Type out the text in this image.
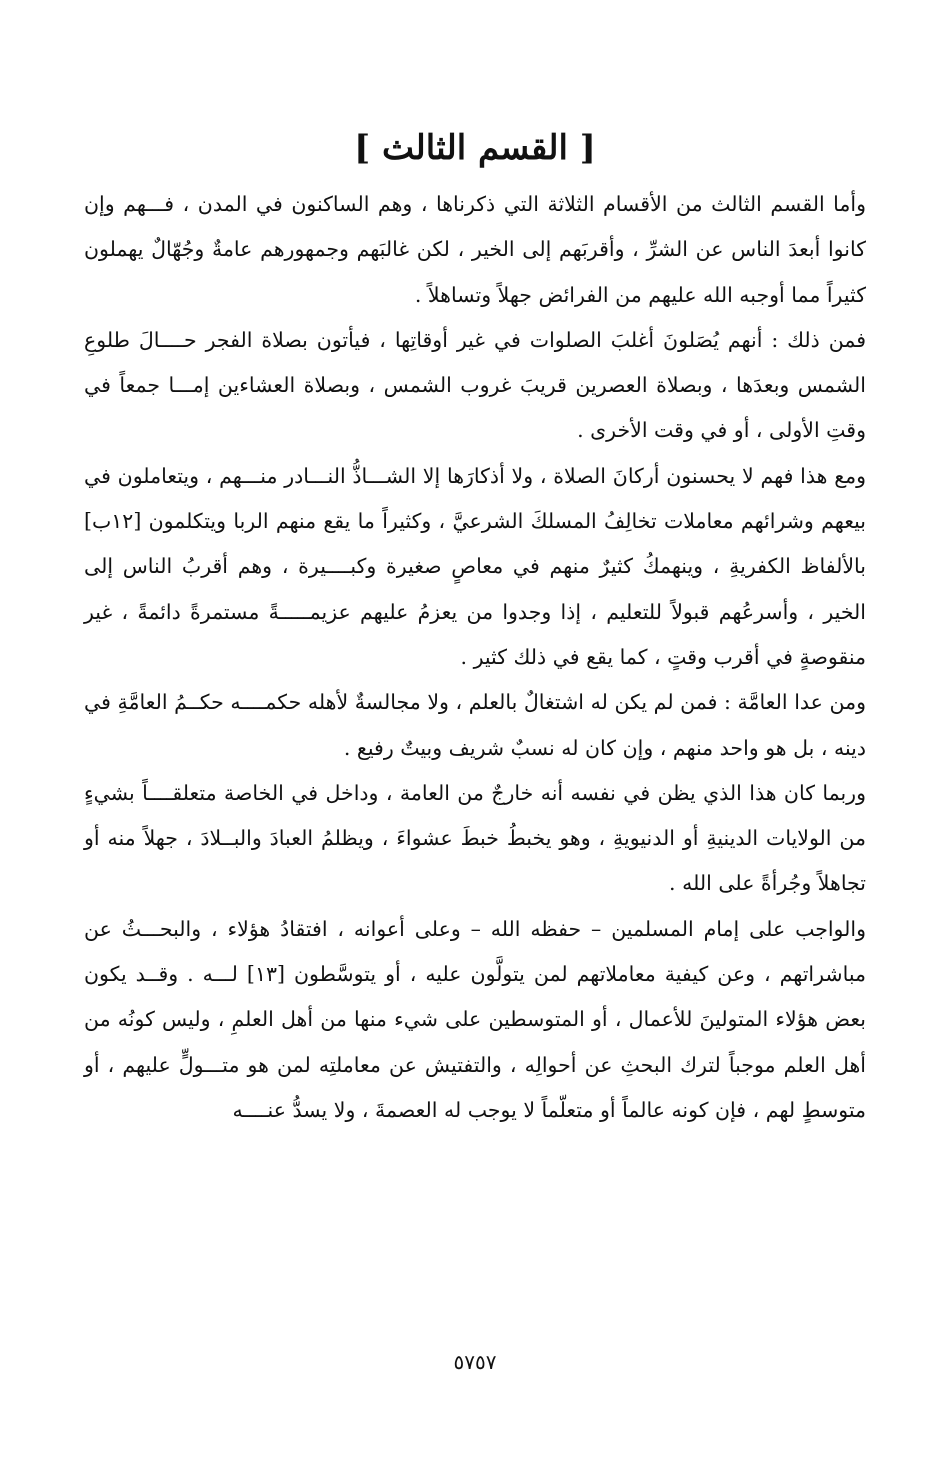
[ القسم الثالث ]

وأما القسم الثالث من الأقسام الثلاثة التي ذكرناها ، وهم الساكنون في المدن ، فـــهم وإن كانوا أبعدَ الناس عن الشرِّ ، وأقربَهم إلى الخير ، لكن غالبَهم وجمهورهم عامةٌ وجُهّالٌ يهملون كثيراً مما أوجبه الله عليهم من الفرائض جهلاً وتساهلاً .

فمن ذلك : أنهم يُصَلونَ أغلبَ الصلوات في غير أوقاتِها ، فيأتون بصلاة الفجر حــــالَ طلوعِ الشمس وبعدَها ، وبصلاة العصرين قريبَ غروب الشمس ، وبصلاة العشاءين إمـــا جمعاً في وقتِ الأولى ، أو في وقت الأخرى .

ومع هذا فهم لا يحسنون أركانَ الصلاة ، ولا أذكارَها إلا الشـــاذُّ النـــادر منـــهم ، ويتعاملون في بيعهم وشرائهم معاملات تخالِفُ المسلكَ الشرعيَّ ، وكثيراً ما يقع منهم الربا ويتكلمون [١٢ب] بالألفاظ الكفريةِ ، وينهمكُ كثيرٌ منهم في معاصٍ صغيرة وكبــــيرة ، وهم أقربُ الناس إلى الخير ، وأسرعُهم قبولاً للتعليم ، إذا وجدوا من يعزمُ عليهم عزيمـــــةً مستمرةً دائمةً ، غير منقوصةٍ في أقرب وقتٍ ، كما يقع في ذلك كثير .

ومن عدا العامَّة : فمن لم يكن له اشتغالٌ بالعلم ، ولا مجالسةٌ لأهله حكمــــه حكــمُ العامَّةِ في دينه ، بل هو واحد منهم ، وإن كان له نسبٌ شريف وبيتٌ رفيع .

وربما كان هذا الذي يظن في نفسه أنه خارجٌ من العامة ، وداخل في الخاصة متعلقــــاً بشيءٍ من الولايات الدينيةِ أو الدنيويةِ ، وهو يخبطُ خبطَ عشواءَ ، ويظلمُ العبادَ والبــلادَ ، جهلاً منه أو تجاهلاً وجُرأةً على الله .

والواجب على إمام المسلمين – حفظه الله – وعلى أعوانه ، افتقادُ هؤلاء ، والبحـــثُ عن مباشراتهم ، وعن كيفية معاملاتهم لمن يتولَّون عليه ، أو يتوسَّطون [١٣] لـــه . وقــد يكون بعض هؤلاء المتولينَ للأعمال ، أو المتوسطين على شيء منها من أهل العلمِ ، وليس كونُه من أهل العلم موجباً لترك البحثِ عن أحوالِه ، والتفتيش عن معاملتِه لمن هو متـــولٍّ عليهم ، أو متوسطٍ لهم ، فإن كونه عالماً أو متعلّماً لا يوجب له العصمةَ ، ولا يسدُّ عنــــه

٥٧٥٧
